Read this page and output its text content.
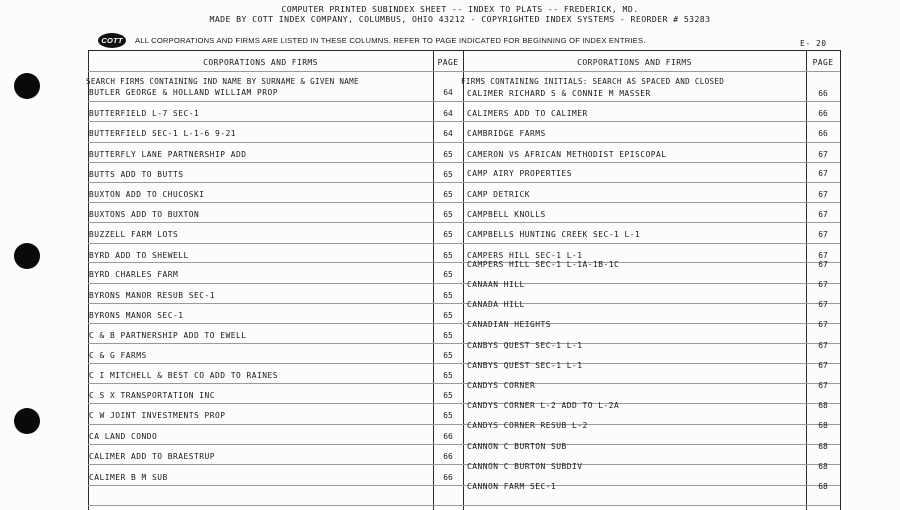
COMPUTER PRINTED SUBINDEX SHEET -- INDEX TO PLATS -- FREDERICK, MD.
MADE BY COTT INDEX COMPANY, COLUMBUS, OHIO 43212 - COPYRIGHTED INDEX SYSTEMS - REORDER # 53283
COTT	ALL CORPORATIONS AND FIRMS ARE LISTED IN THESE COLUMNS. REFER TO PAGE INDICATED FOR BEGINNING OF INDEX ENTRIES.	E- 20
CORPORATIONS AND FIRMS	PAGE	CORPORATIONS AND FIRMS	PAGE
SEARCH FIRMS CONTAINING IND NAME BY SURNAME & GIVEN NAME	FIRMS CONTAINING INITIALS: SEARCH AS SPACED AND CLOSED
BUTLER GEORGE & HOLLAND WILLIAM PROP	64
BUTTERFIELD L-7 SEC-1	64
BUTTERFIELD SEC-1 L-1-6 9-21	64
BUTTERFLY LANE PARTNERSHIP ADD	65
BUTTS ADD TO BUTTS	65
BUXTON ADD TO CHUCOSKI	65
BUXTONS ADD TO BUXTON	65
BUZZELL FARM LOTS	65
BYRD ADD TO SHEWELL	65
BYRD CHARLES FARM	65
BYRONS MANOR RESUB SEC-1	65
BYRONS MANOR SEC-1	65
C & B PARTNERSHIP ADD TO EWELL	65
C & G FARMS	65
C I MITCHELL & BEST CO ADD TO RAINES	65
C S X TRANSPORTATION INC	65
C W JOINT INVESTMENTS PROP	65
CA LAND CONDO	66
CALIMER ADD TO BRAESTRUP	66
CALIMER B M SUB	66
CALIMER RICHARD S & CONNIE M MASSER	66
CALIMERS ADD TO CALIMER	66
CAMBRIDGE FARMS	66
CAMERON VS AFRICAN METHODIST EPISCOPAL	67
CAMP AIRY PROPERTIES	67
CAMP DETRICK	67
CAMPBELL KNOLLS	67
CAMPBELLS HUNTING CREEK SEC-1 L-1	67
CAMPERS HILL SEC-1 L-1	67
CAMPERS HILL SEC-1 L-1A-1B-1C	67
CANAAN HILL	67
CANADA HILL	67
CANADIAN HEIGHTS	67
CANBYS QUEST SEC-1 L-1	67
CANBYS QUEST SEC-1 L-1	67
CANDYS CORNER	67
CANDYS CORNER L-2 ADD TO L-2A	68
CANDYS CORNER RESUB L-2	68
CANNON C BURTON SUB	68
CANNON C BURTON SUBDIV	68
CANNON FARM SEC-1	68
